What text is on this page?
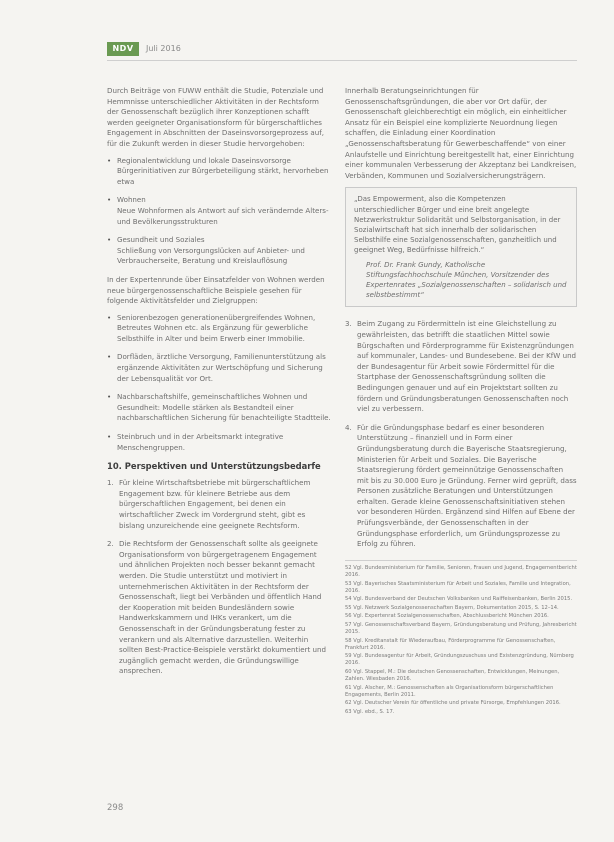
NDV	Juli 2016

Durch Beiträge von FUWW enthält die Studie, Potenziale und Hemmnisse unterschiedlicher Aktivitäten in der Rechtsform der Genossenschaft bezüglich ihrer Konzeptionen schafft werden geeigneter Organisationsform für bürgerschaftliches Engagement in Abschnitten der Daseinsvorsorgeprozess auf, für die Zukunft werden in dieser Studie hervorgehoben:

• Regionalentwicklung und lokale Daseinsvorsorge
Bürgerinitiativen zur Bürgerbeteiligung stärkt, hervorheben etwa
• Wohnen
Neue Wohnformen als Antwort auf sich verändernde Alters- und Bevölkerungsstrukturen
• Gesundheit und Soziales
Schließung von Versorgungslücken auf Anbieter- und Verbraucherseite, Beratung und Kreislauflösung

In der Expertenrunde über Einsatzfelder von Wohnen werden neue bürgergenossenschaftliche Beispiele gesehen für folgende Aktivitätsfelder und Zielgruppen:

• Seniorenbezogen generationenübergreifendes Wohnen, Betreutes Wohnen etc. als Ergänzung für gewerbliche Selbsthilfe in Alter und beim Erwerb einer Immobilie.
• Dorfläden, ärztliche Versorgung, Familienunterstützung als ergänzende Aktivitäten zur Wertschöpfung und Sicherung der Lebensqualität vor Ort.
• Nachbarschaftshilfe, gemeinschaftliches Wohnen und Gesundheit: Modelle stärken als Bestandteil einer nachbarschaftlichen Sicherung für benachteiligte Stadtteile.
• Steinbruch und in der Arbeitsmarkt integrative Menschengruppen.
10. Perspektiven und Unterstützungsbedarfe
1. Für kleine Wirtschaftsbetriebe mit bürgerschaftlichem Engagement bzw. für kleinere Betriebe aus dem bürgerschaftlichen Engagement, bei denen ein wirtschaftlicher Zweck im Vordergrund steht, gibt es bislang unzureichende eine geeignete Rechtsform.
2. Die Rechtsform der Genossenschaft sollte als geeignete Organisationsform von bürgergetragenem Engagement und ähnlichen Projekten noch besser bekannt gemacht werden. Die Studie unterstützt und motiviert in unternehmerischen Aktivitäten in der Rechtsform der Genossenschaft, liegt bei Verbänden und öffentlich Hand der Kooperation mit beiden Bundesländern sowie Handwerkskammern und IHKs verankert, um die Genossenschaft in der Gründungsberatung fester zu verankern und als Alternative darzustellen. Weiterhin sollten Best-Practice-Beispiele verstärkt dokumentiert und zugänglich gemacht werden, die Gründungswillige ansprechen.

Innerhalb Beratungseinrichtungen für Genossenschaftsgründungen, die aber vor Ort dafür, der Genossenschaft gleichberechtigt ein möglich, ein einheitlicher Ansatz für ein Beispiel eine komplizierte Neuordnung liegen schaffen, die Einladung einer Koordination „Genossenschaftsberatung für Gewerbeschaffende“ von einer Anlaufstelle und Einrichtung bereitgestellt hat, einer Einrichtung einer kommunalen Verbesserung der Akzeptanz bei Landkreisen, Verbänden, Kommunen und Sozialversicherungsträgern.

„Das Empowerment, also die Kompetenzen unterschiedlicher Bürger und eine breit angelegte Netzwerkstruktur Solidarität und Selbstorganisation, in der Sozialwirtschaft hat sich innerhalb der solidarischen Selbsthilfe eine Sozialgenossenschaften, ganzheitlich und geeignet Weg, Bedürfnisse hilfreich.“
Prof. Dr. Frank Gundy, Katholische Stiftungsfachhochschule München, Vorsitzender des Expertenrates „Sozialgenossenschaften – solidarisch und selbstbestimmt“
3. Beim Zugang zu Fördermitteln ist eine Gleichstellung zu gewährleisten, das betrifft die staatlichen Mittel sowie Bürgschaften und Förderprogramme für Existenzgründungen auf kommunaler, Landes- und Bundesebene. Bei der KfW und der Bundesagentur für Arbeit sowie Fördermittel für die Startphase der Genossenschaftsgründung sollten die Bedingungen genauer und auf ein Projektstart sollten zu fördern und Gründungsberatungen Genossenschaften noch viel zu verbessern.
4. Für die Gründungsphase bedarf es einer besonderen Unterstützung – finanziell und in Form einer Gründungsberatung durch die Bayerische Staatsregierung, Ministerien für Arbeit und Soziales. Die Bayerische Staatsregierung fördert gemeinnützige Genossenschaften mit bis zu 30.000 Euro je Gründung. Ferner wird geprüft, dass Personen zusätzliche Beratungen und Unterstützungen erhalten. Gerade kleine Genossenschaftsinitiativen stehen vor besonderen Hürden. Ergänzend sind Hilfen auf Ebene der Prüfungsverbände, der Genossenschaften in der Gründungsphase erforderlich, um Gründungsprozesse zu Erfolg zu führen.
52 Vgl. Bundesministerium für Familie, Senioren, Frauen und Jugend, Engagementbericht 2016.
53 Vgl. Bayerisches Staatsministerium für Arbeit und Soziales, Familie und Integration, 2016.
54 Vgl. Bundesverband der Deutschen Volksbanken und Raiffeisenbanken, Berlin 2015.
55 Vgl. Netzwerk Sozialgenossenschaften Bayern, Dokumentation 2015, S. 12–14.
56 Vgl. Expertenrat Sozialgenossenschaften, Abschlussbericht München 2016.
57 Vgl. Genossenschaftsverband Bayern, Gründungsberatung und Prüfung, Jahresbericht 2015.
58 Vgl. Kreditanstalt für Wiederaufbau, Förderprogramme für Genossenschaften, Frankfurt 2016.
59 Vgl. Bundesagentur für Arbeit, Gründungszuschuss und Existenzgründung, Nürnberg 2016.
60 Vgl. Stappel, M.: Die deutschen Genossenschaften, Entwicklungen, Meinungen, Zahlen. Wiesbaden 2016.
61 Vgl. Alscher, M.: Genossenschaften als Organisationsform bürgerschaftlichen Engagements, Berlin 2011.
62 Vgl. Deutscher Verein für öffentliche und private Fürsorge, Empfehlungen 2016.
63 Vgl. ebd., S. 17.
298
